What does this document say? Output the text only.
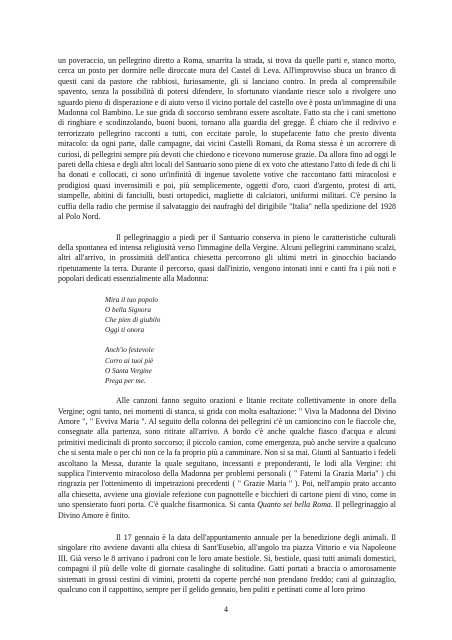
un poveraccio, un pellegrino diretto a Roma, smarrita la strada, si trova da quelle parti e, stanco morto, cerca un posto per dormire nelle diroccate mura del Castel di Leva. All'improvviso sbuca un branco di questi cani da pastore che rabbiosi, furiosamente, gli si lanciano contro. In preda al comprensibile spavento, senza la possibilità di potersi difendere, lo sfortunato viandante riesce solo a rivolgere uno sguardo pieno di disperazione e di aiuto verso il vicino portale del castello ove è posta un'immagine di una Madonna col Bambino. Le sue grida di soccorso sembrano essere ascoltate. Fatto sta che i cani smettono di ringhiare e scodinzolando, buoni buoni, tornano alla guardia del gregge. È chiaro che il redivivo e terrorizzato pellegrino racconti a tutti, con eccitate parole, lo stupefacente fatto che presto diventa miracolo: da ogni parte, dalle campagne, dai vicini Castelli Romani, da Roma stessa è un accorrere di curiosi, di pellegrini sempre più devoti che chiedono e ricevono numerose grazie. Da allora fino ad oggi le pareti della chiesa e degli altri locali del Santuario sono piene di ex voto che attestano l'atto di fede di chi li ha donati e collocati, ci sono un'infinità di ingenue tavolette votive che raccontano fatti miracolosi e prodigiosi quasi inverosimili e poi, più semplicemente, oggetti d'oro, cuori d'argento, protesi di arti, stampelle, abitini di fanciulli, busti ortopedici, magliette di calciatori, uniformi militari. C'è persino la cuffia della radio che permise il salvataggio dei naufraghi del dirigibile "Italia" nella spedizione del 1928 al Polo Nord.

Il pellegrinaggio a piedi per il Santuario conserva in pieno le caratteristiche culturali della spontanea ed intensa religiosità verso l'immagine della Vergine. Alcuni pellegrini camminano scalzi, altri all'arrivo, in prossimità dell'antica chiesetta percorrono gli ultimi metri in ginocchio baciando ripetutamente la terra. Durante il percorso, quasi dall'inizio, vengono intonati inni e canti fra i più noti e popolari dedicati essenzialmente alla Madonna:

Mira il tuo popolo
O bella Signora
Che pien di giubilo
Oggi ti onora
Anch'io festevole
Corro ai tuoi piè
O Santa Vergine
Prega per me.

Alle canzoni fanno seguito orazioni e litanie recitate collettivamente in onore della Vergine; ogni tanto, nei momenti di stanca, si grida con molta esaltazione: " Viva la Madonna del Divino Amore ", " Evviva Maria ". Al seguito della colonna dei pellegrini c'è un camioncino con le fiaccole che, consegnate alla partenza, sono ritirate all'arrivo. A bordo c'è anche qualche fiasco d'acqua e alcuni primitivi medicinali di pronto soccorso; il piccolo camion, come emergenza, può anche servire a qualcuno che si senta male o per chi non ce la fa proprio più a camminare. Non si sa mai. Giunti al Santuario i fedeli ascoltano la Messa, durante la quale seguitano, incessanti e preponderanti, le lodi alla Vergine: chi supplica l'intervento miracoloso della Madonna per problemi personali ( " Fatemi la Grazia Maria" ) chi ringrazia per l'ottenimento di impetrazioni precedenti ( " Grazie Maria " ). Poi, nell'ampio prato accanto alla chiesetta, avviene una gioviale refezione con pagnottelle e bicchieri di cartone pieni di vino, come in uno spensierato fuori porta. C'è qualche fisarmonica. Si canta Quanto sei bella Roma. Il pellegrinaggio al Divino Amore è finito.

Il 17 gennaio è la data dell'appuntamento annuale per la benedizione degli animali. Il singolare rito avviene davanti alla chiesa di Sant'Eusebio, all'angolo tra piazza Vittorio e via Napoleone III. Già verso le 8 arrivano i padroni con le loro amate bestiole. Si, bestiole, quasi tutti animali domestici, compagni il più delle volte di giornate casalinghe di solitudine. Gatti portati a braccia o amorosamente sistemati in grossi cestini di vimini, protetti da coperte perché non prendano freddo; cani al guinzaglio, qualcuno con il cappottino, sempre per il gelido gennaio, ben puliti e pettinati come al loro primo

4
